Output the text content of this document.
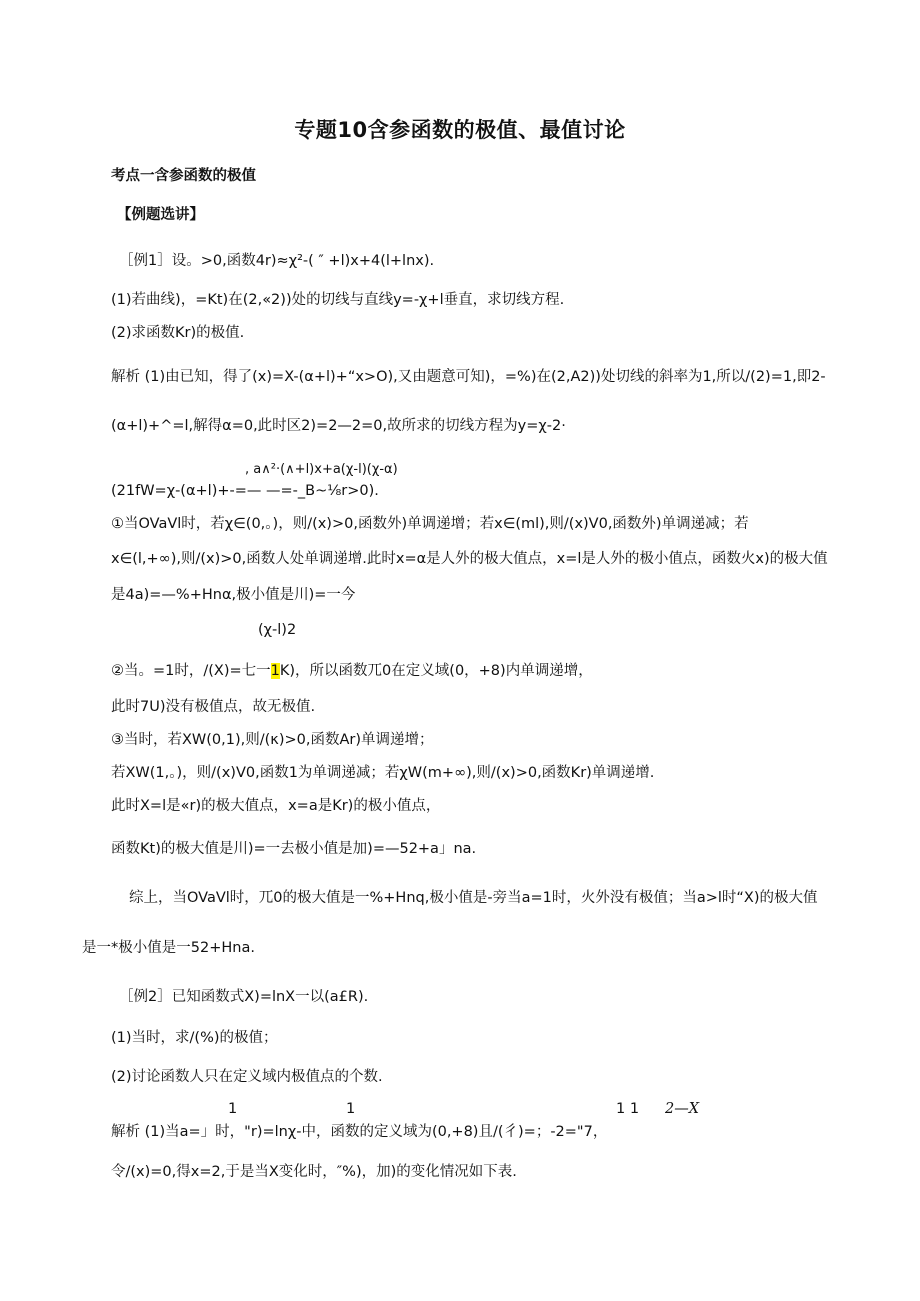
专题10含参函数的极值、最值讨论
考点一含参函数的极值
【例题选讲】
［例1］设。>0,函数4r)≈χ²-( ″ +l)x+4(l+lnx).
(1)若曲线)，=Kt)在(2,«2))处的切线与直线y=-χ+l垂直，求切线方程.
(2)求函数Kr)的极值.
解析 (1)由已知，得了(x)=X-(α+l)+“x>O),又由题意可知)，=%)在(2,A2))处切线的斜率为1,所以/(2)=1,即2-
(α+l)+^=l,解得α=0,此时区2)=2—2=0,故所求的切线方程为y=χ-2·
, a∧²·(∧+l)x+a(χ-l)(χ-α)
(21fW=χ-(α+l)+-=— —=-_B~⅛r>0).
①当OVaVl时，若χ∈(0,。)，则/(x)>0,函数外)单调递增；若x∈(ml),则/(x)V0,函数外)单调递减；若
x∈(l,+∞),则/(x)>0,函数人处单调递增.此时x=α是人外的极大值点，x=l是人外的极小值点，函数火x)的极大值
是4a)=—%+Hnα,极小值是川)=一今
(χ-l)2
②当。=1时，/(X)=七一1K)，所以函数兀0在定义域(0，+8)内单调递增，
此时7U)没有极值点，故无极值.
③当时，若XW(0,1),则/(κ)>0,函数Ar)单调递增；
若XW(1,。)，则/(x)V0,函数1为单调递减；若χW(m+∞),则/(x)>0,函数Kr)单调递增.
此时X=l是«r)的极大值点，x=a是Kr)的极小值点，
函数Kt)的极大值是川)=一去极小值是加)=—52+a」na.
综上，当OVaVl时，兀0的极大值是一%+Hnq,极小值是-旁当a=1时，火外没有极值；当a>l时“X)的极大值
是一*极小值是一52+Hna.
［例2］已知函数式X)=lnX一以(a£R).
(1)当时，求/(%)的极值；
(2)讨论函数人只在定义域内极值点的个数.
1	1	1 1 2—X
解析 (1)当a=」时，"r)=lnχ-中，函数的定义域为(0,+8)且/(彳)=；-2="7，
令/(x)=0,得x=2,于是当X变化时，″%)，加)的变化情况如下表.
